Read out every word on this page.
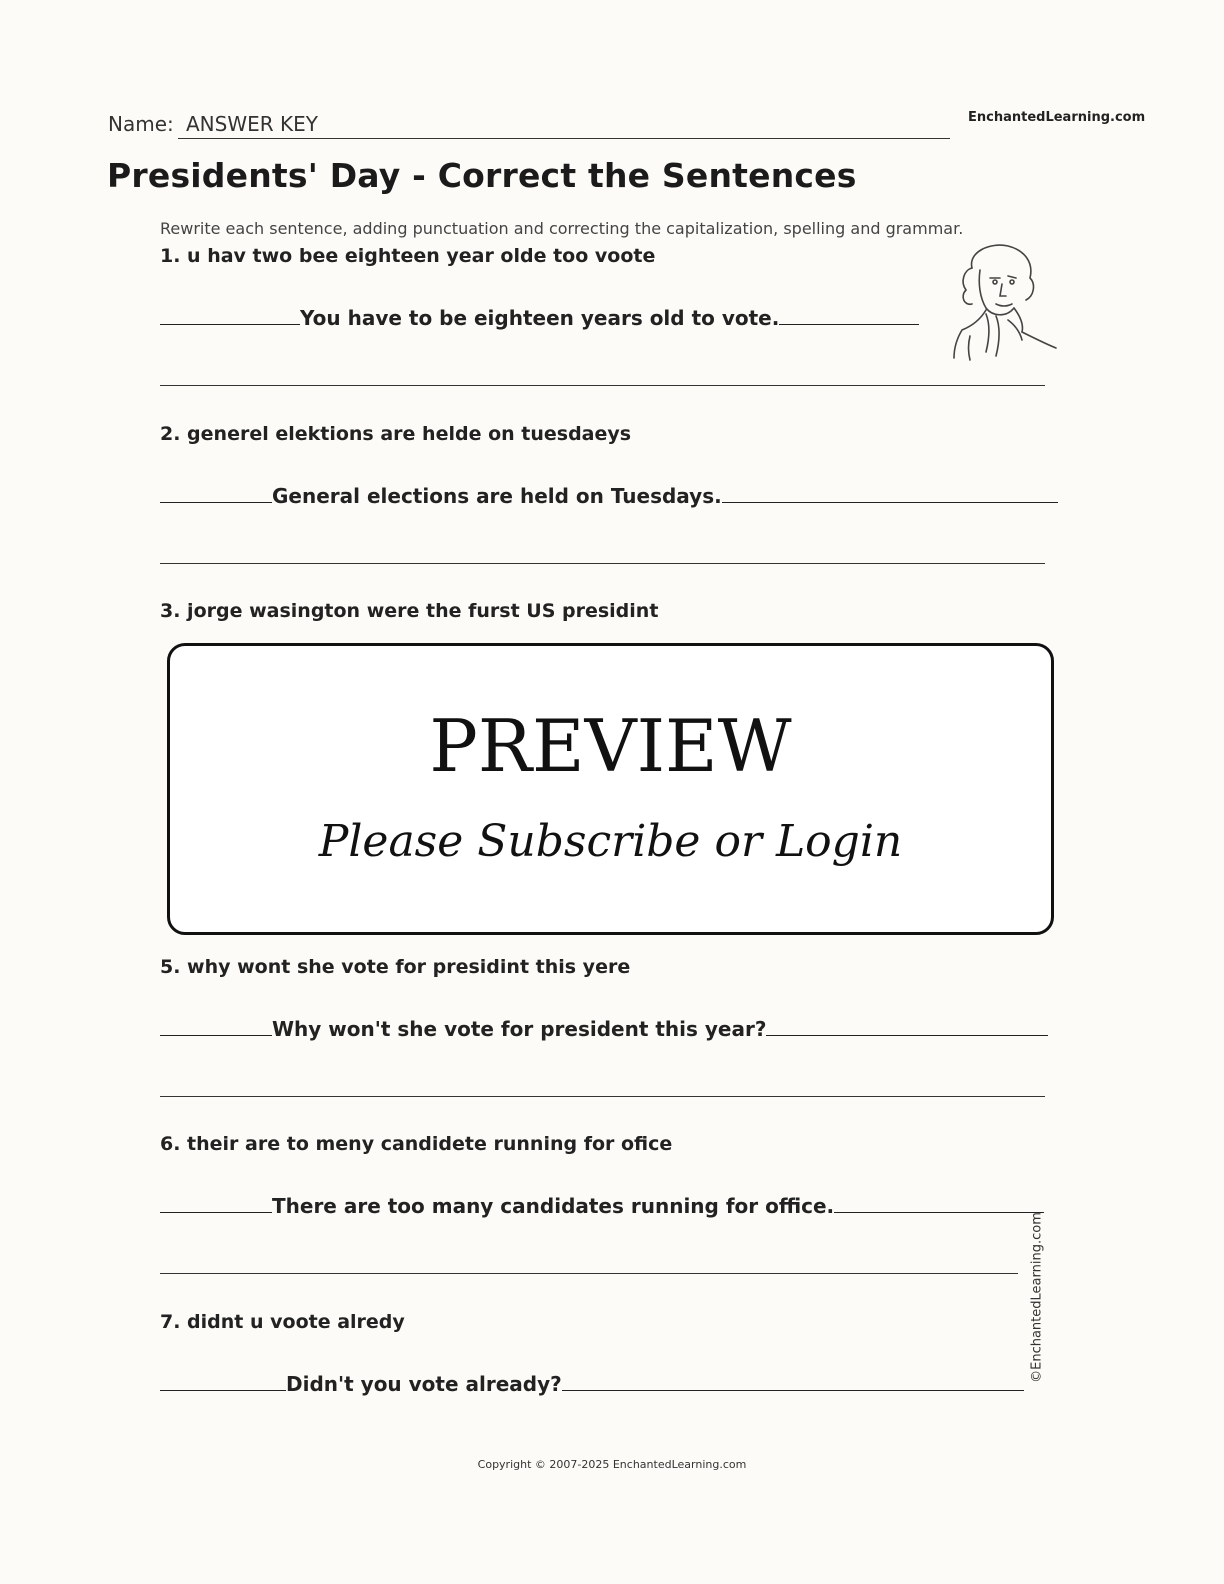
Name: ANSWER KEY	EnchantedLearning.com
Presidents' Day - Correct the Sentences
Rewrite each sentence, adding punctuation and correcting the capitalization, spelling and grammar.
1. u hav two bee eighteen year olde too voote
You have to be eighteen years old to vote.
2. generel elektions are helde on tuesdaeys
General elections are held on Tuesdays.
3. jorge wasington were the furst US presidint
PREVIEW
Please Subscribe or Login
5. why wont she vote for presidint this yere
Why won't she vote for president this year?
6. their are to meny candidete running for ofice
There are too many candidates running for office.
7. didnt u voote alredy
Didn't you vote already?
©EnchantedLearning.com
Copyright © 2007-2025 EnchantedLearning.com
